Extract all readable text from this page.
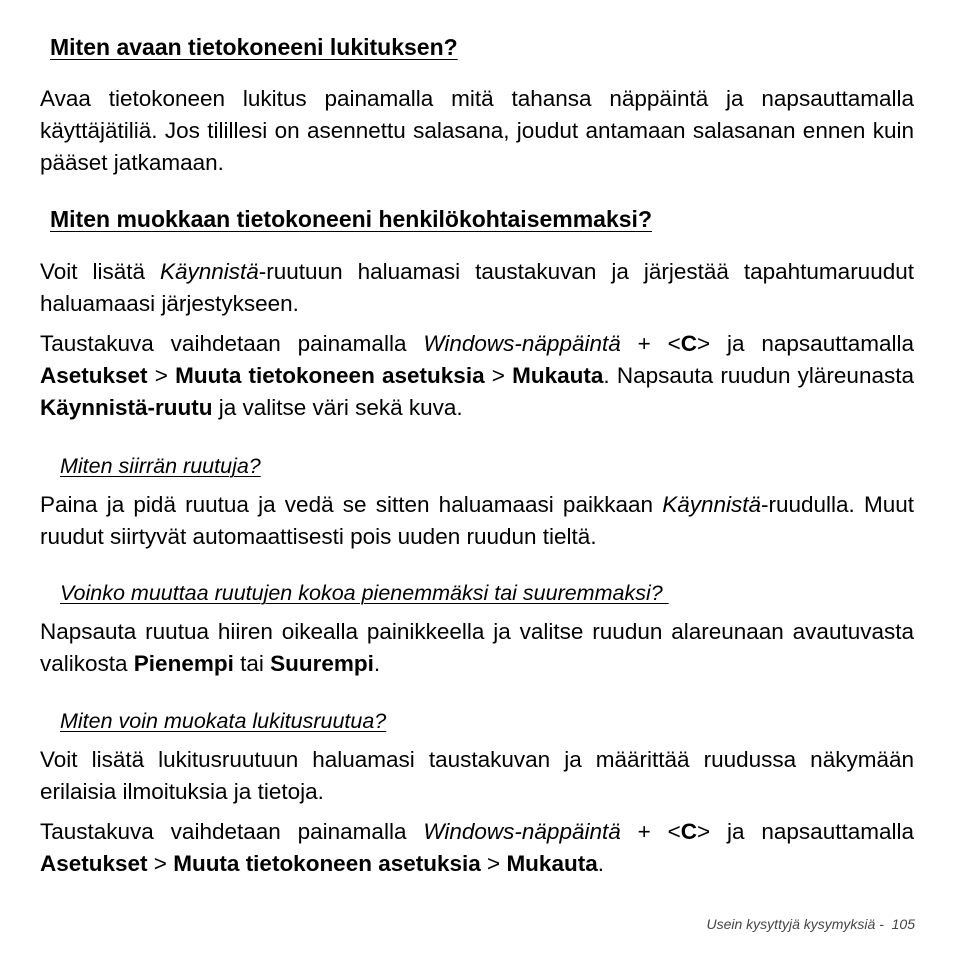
Miten avaan tietokoneeni lukituksen?
Avaa tietokoneen lukitus painamalla mitä tahansa näppäintä ja napsauttamalla käyttäjätiliä. Jos tilillesi on asennettu salasana, joudut antamaan salasanan ennen kuin pääset jatkamaan.
Miten muokkaan tietokoneeni henkilökohtaisemmaksi?
Voit lisätä Käynnistä-ruutuun haluamasi taustakuvan ja järjestää tapahtumaruudut haluamaasi järjestykseen.
Taustakuva vaihdetaan painamalla Windows-näppäintä + <C> ja napsauttamalla Asetukset > Muuta tietokoneen asetuksia > Mukauta. Napsauta ruudun yläreunasta Käynnistä-ruutu ja valitse väri sekä kuva.
Miten siirrän ruutuja?
Paina ja pidä ruutua ja vedä se sitten haluamaasi paikkaan Käynnistä-ruudulla. Muut ruudut siirtyvät automaattisesti pois uuden ruudun tieltä.
Voinko muuttaa ruutujen kokoa pienemmäksi tai suuremmaksi?
Napsauta ruutua hiiren oikealla painikkeella ja valitse ruudun alareunaan avautuvasta valikosta Pienempi tai Suurempi.
Miten voin muokata lukitusruutua?
Voit lisätä lukitusruutuun haluamasi taustakuvan ja määrittää ruudussa näkymään erilaisia ilmoituksia ja tietoja.
Taustakuva vaihdetaan painamalla Windows-näppäintä + <C> ja napsauttamalla Asetukset > Muuta tietokoneen asetuksia > Mukauta.
Usein kysyttyjä kysymyksiä -  105
